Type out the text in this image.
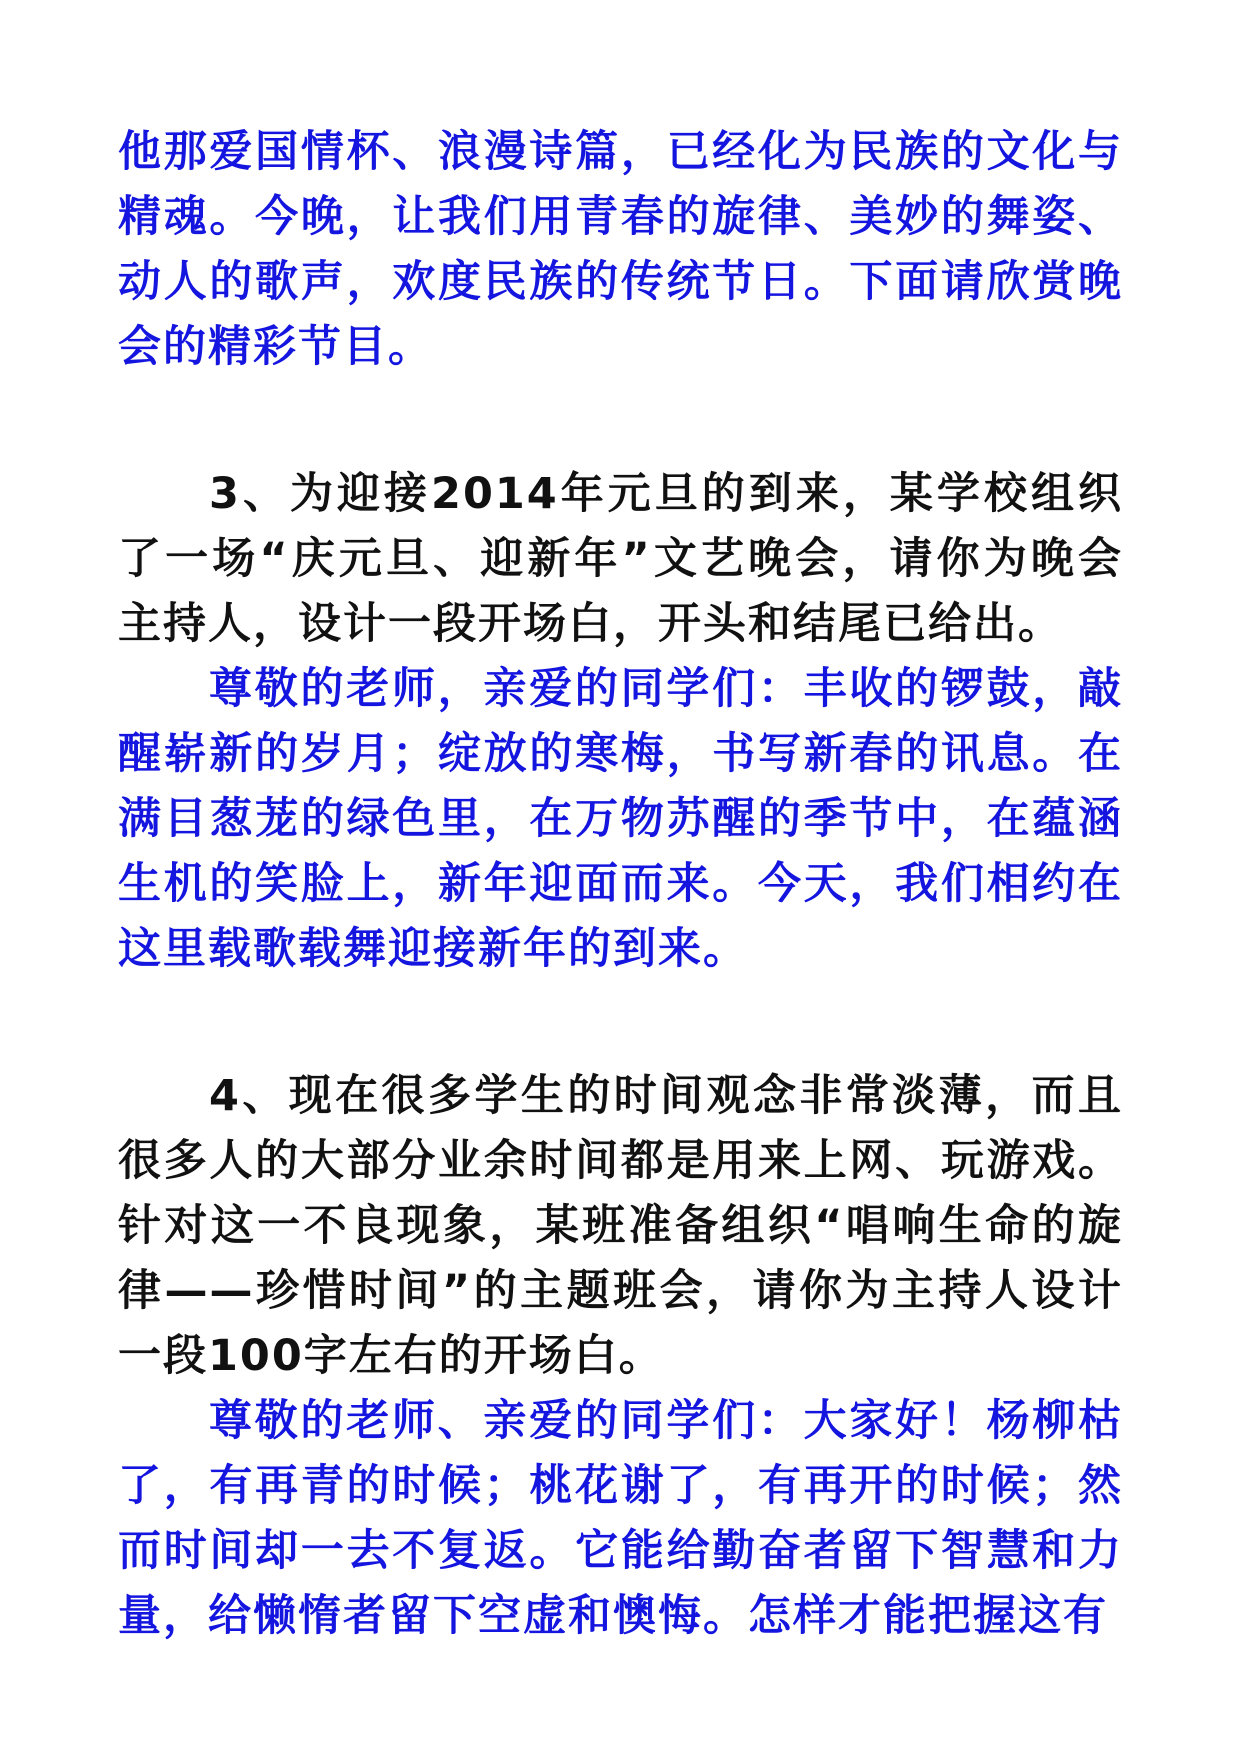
他那爱国情杯、浪漫诗篇，已经化为民族的文化与精魂。今晚，让我们用青春的旋律、美妙的舞姿、动人的歌声，欢度民族的传统节日。下面请欣赏晚会的精彩节目。

3、为迎接2014年元旦的到来，某学校组织了一场“庆元旦、迎新年”文艺晚会，请你为晚会主持人，设计一段开场白，开头和结尾已给出。

尊敬的老师，亲爱的同学们：丰收的锣鼓，敲醒崭新的岁月；绽放的寒梅，书写新春的讯息。在满目葱茏的绿色里，在万物苏醒的季节中，在蕴涵生机的笑脸上，新年迎面而来。今天，我们相约在这里载歌载舞迎接新年的到来。

4、现在很多学生的时间观念非常淡薄，而且很多人的大部分业余时间都是用来上网、玩游戏。针对这一不良现象，某班准备组织“唱响生命的旋律——珍惜时间”的主题班会，请你为主持人设计一段100字左右的开场白。

尊敬的老师、亲爱的同学们：大家好！杨柳枯了，有再青的时候；桃花谢了，有再开的时候；然而时间却一去不复返。它能给勤奋者留下智慧和力量，给懒惰者留下空虚和懊悔。怎样才能把握这有
